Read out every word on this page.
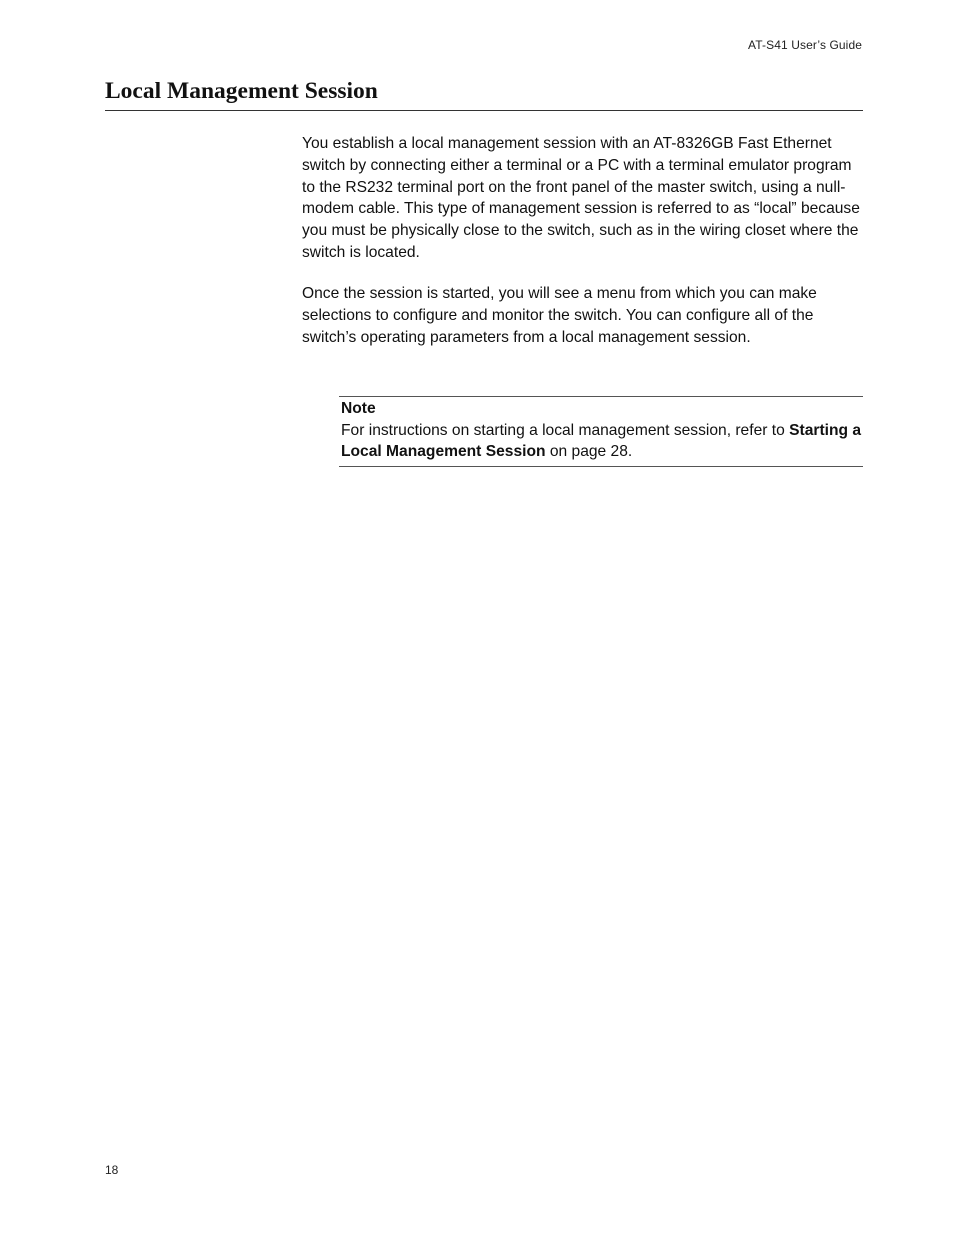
AT-S41 User’s Guide
Local Management Session

You establish a local management session with an AT-8326GB Fast Ethernet switch by connecting either a terminal or a PC with a terminal emulator program to the RS232 terminal port on the front panel of the master switch, using a null-modem cable. This type of management session is referred to as “local” because you must be physically close to the switch, such as in the wiring closet where the switch is located.

Once the session is started, you will see a menu from which you can make selections to configure and monitor the switch. You can configure all of the switch’s operating parameters from a local management session.

Note
For instructions on starting a local management session, refer to Starting a Local Management Session on page 28.
18
